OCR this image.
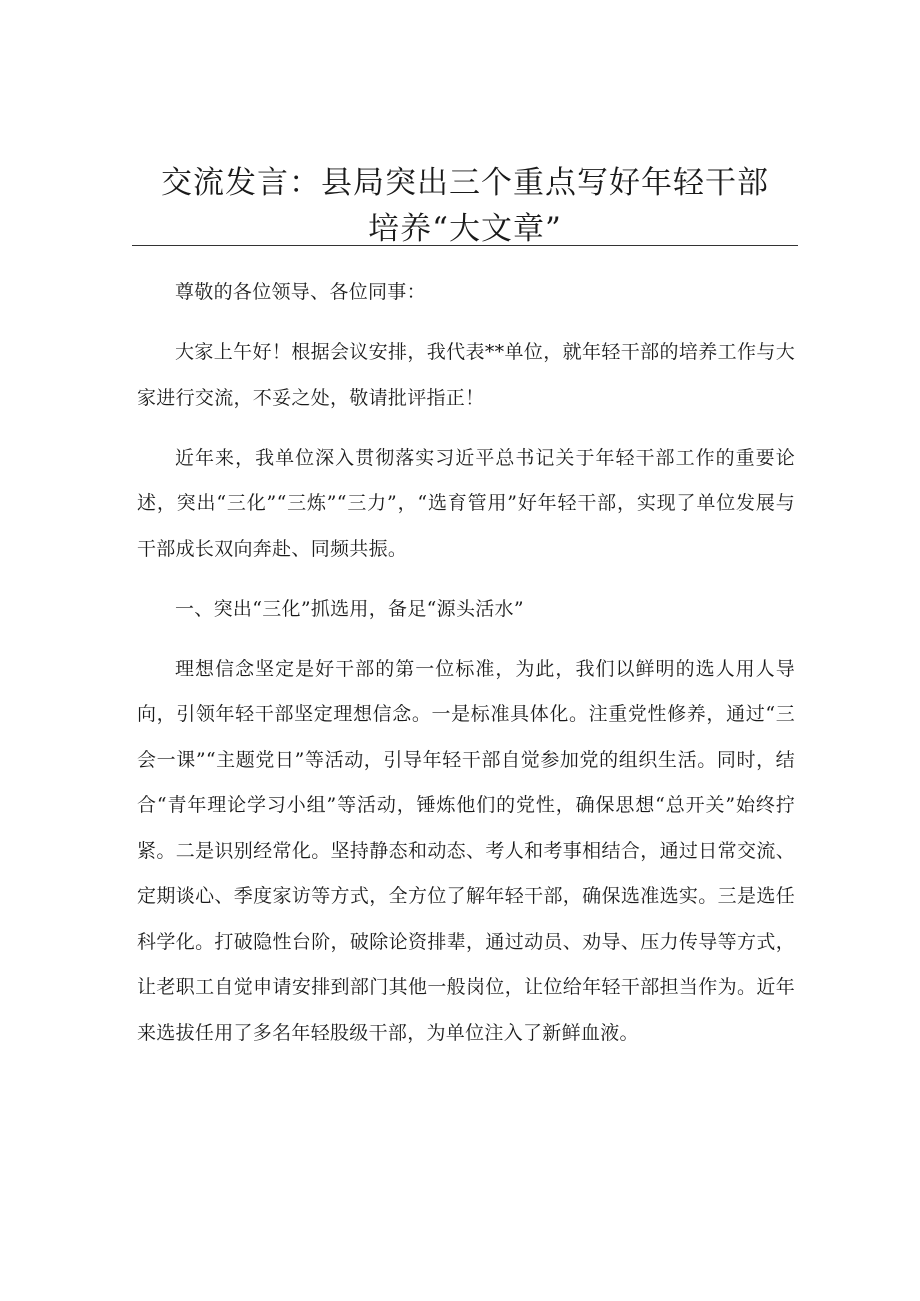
交流发言：县局突出三个重点写好年轻干部
培养“大文章”

尊敬的各位领导、各位同事：

大家上午好！根据会议安排，我代表**单位，就年轻干部的培养工作与大家进行交流，不妥之处，敬请批评指正！

近年来，我单位深入贯彻落实习近平总书记关于年轻干部工作的重要论述，突出“三化”“三炼”“三力”，“选育管用”好年轻干部，实现了单位发展与干部成长双向奔赴、同频共振。

一、突出“三化”抓选用，备足“源头活水”

理想信念坚定是好干部的第一位标准，为此，我们以鲜明的选人用人导向，引领年轻干部坚定理想信念。一是标准具体化。注重党性修养，通过“三会一课”“主题党日”等活动，引导年轻干部自觉参加党的组织生活。同时，结合“青年理论学习小组”等活动，锤炼他们的党性，确保思想“总开关”始终拧紧。二是识别经常化。坚持静态和动态、考人和考事相结合，通过日常交流、定期谈心、季度家访等方式，全方位了解年轻干部，确保选准选实。三是选任科学化。打破隐性台阶，破除论资排辈，通过动员、劝导、压力传导等方式，让老职工自觉申请安排到部门其他一般岗位，让位给年轻干部担当作为。近年来选拔任用了多名年轻股级干部，为单位注入了新鲜血液。
